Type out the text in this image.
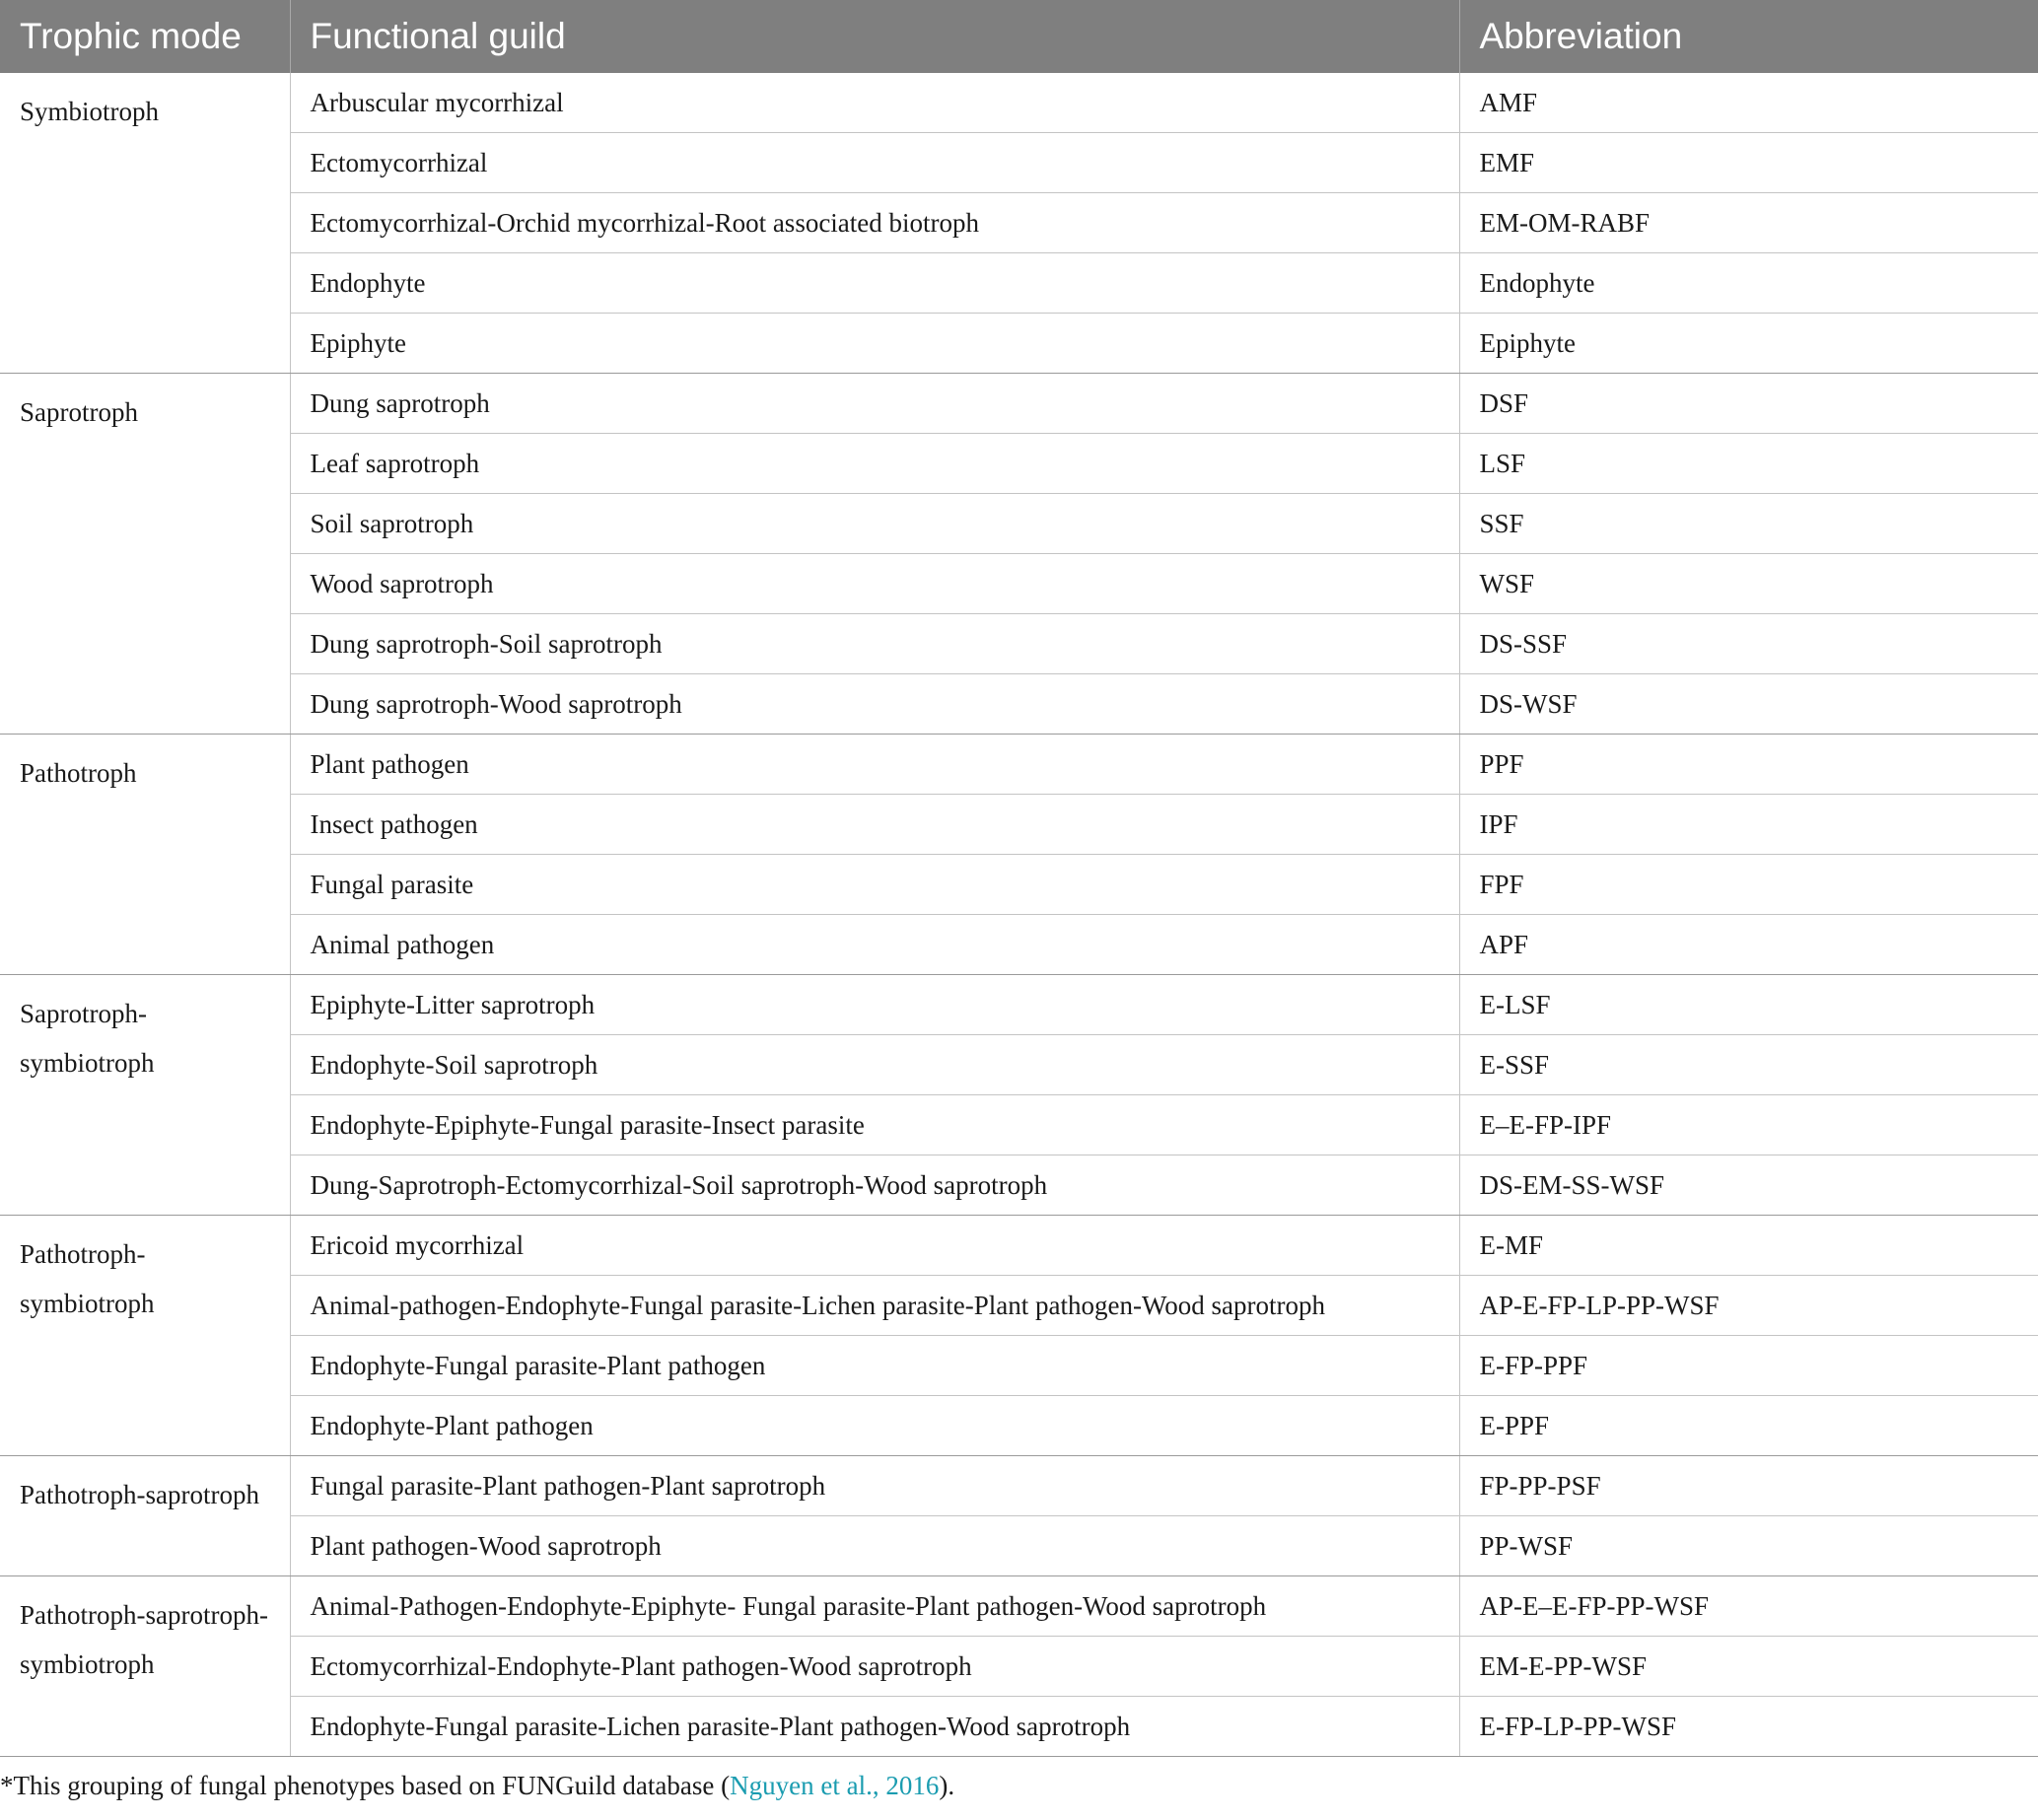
Trophic mode	Functional guild	Abbreviation
Symbiotroph	Arbuscular mycorrhizal	AMF
	Ectomycorrhizal	EMF
	Ectomycorrhizal-Orchid mycorrhizal-Root associated biotroph	EM-OM-RABF
	Endophyte	Endophyte
	Epiphyte	Epiphyte
Saprotroph	Dung saprotroph	DSF
	Leaf saprotroph	LSF
	Soil saprotroph	SSF
	Wood saprotroph	WSF
	Dung saprotroph-Soil saprotroph	DS-SSF
	Dung saprotroph-Wood saprotroph	DS-WSF
Pathotroph	Plant pathogen	PPF
	Insect pathogen	IPF
	Fungal parasite	FPF
	Animal pathogen	APF
Saprotroph-symbiotroph	Epiphyte-Litter saprotroph	E-LSF
	Endophyte-Soil saprotroph	E-SSF
	Endophyte-Epiphyte-Fungal parasite-Insect parasite	E–E-FP-IPF
	Dung-Saprotroph-Ectomycorrhizal-Soil saprotroph-Wood saprotroph	DS-EM-SS-WSF
Pathotroph-symbiotroph	Ericoid mycorrhizal	E-MF
	Animal-pathogen-Endophyte-Fungal parasite-Lichen parasite-Plant pathogen-Wood saprotroph	AP-E-FP-LP-PP-WSF
	Endophyte-Fungal parasite-Plant pathogen	E-FP-PPF
	Endophyte-Plant pathogen	E-PPF
Pathotroph-saprotroph	Fungal parasite-Plant pathogen-Plant saprotroph	FP-PP-PSF
	Plant pathogen-Wood saprotroph	PP-WSF
Pathotroph-saprotroph-symbiotroph	Animal-Pathogen-Endophyte-Epiphyte- Fungal parasite-Plant pathogen-Wood saprotroph	AP-E–E-FP-PP-WSF
	Ectomycorrhizal-Endophyte-Plant pathogen-Wood saprotroph	EM-E-PP-WSF
	Endophyte-Fungal parasite-Lichen parasite-Plant pathogen-Wood saprotroph	E-FP-LP-PP-WSF
*This grouping of fungal phenotypes based on FUNGuild database (Nguyen et al., 2016).
